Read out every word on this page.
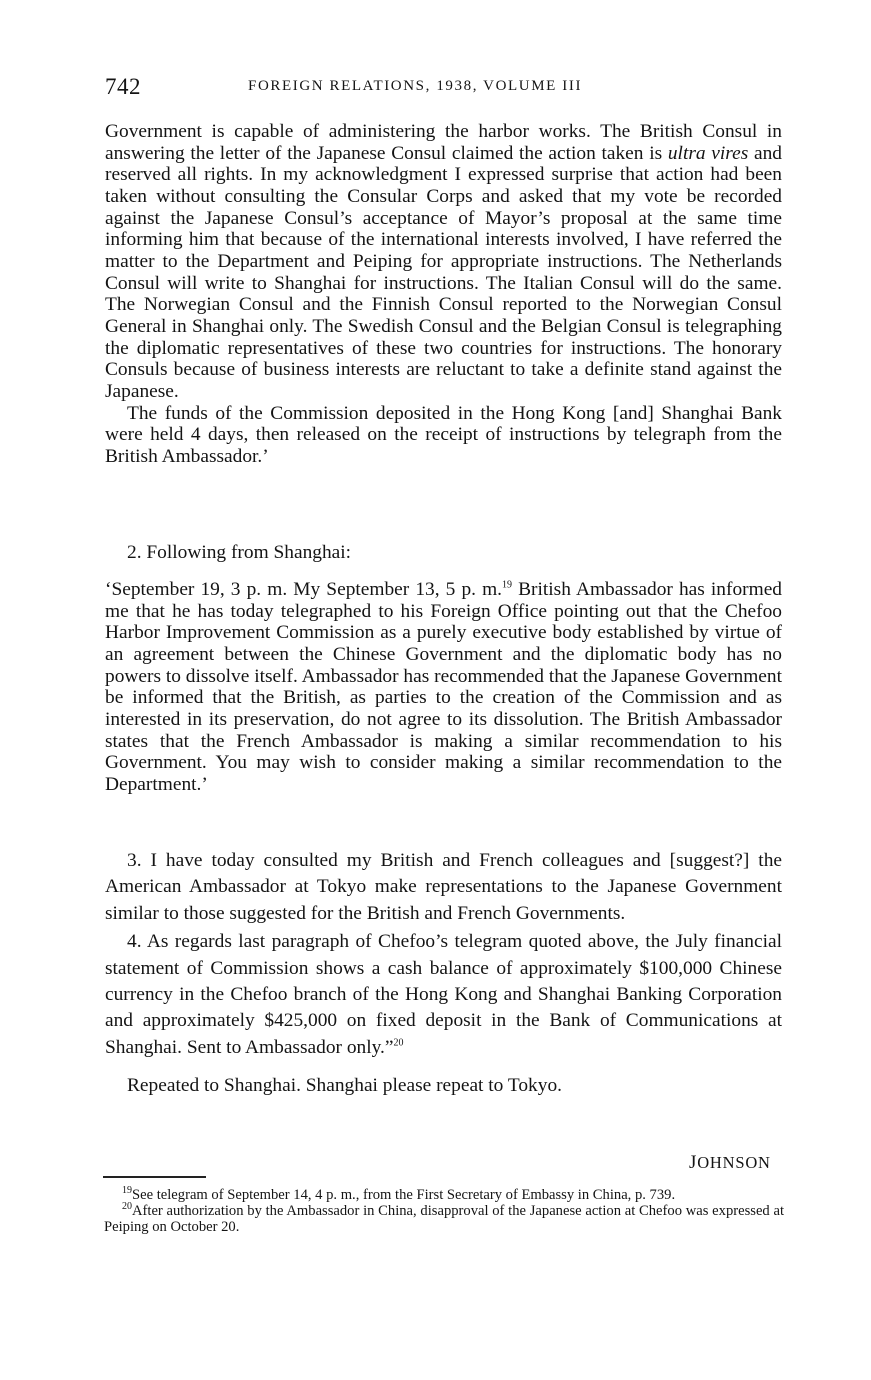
742	FOREIGN RELATIONS, 1938, VOLUME III

Government is capable of administering the harbor works. The British Consul in answering the letter of the Japanese Consul claimed the action taken is ultra vires and reserved all rights. In my acknowledgment I expressed surprise that action had been taken without consulting the Consular Corps and asked that my vote be recorded against the Japanese Consul’s acceptance of Mayor’s proposal at the same time informing him that because of the international interests involved, I have referred the matter to the Department and Peiping for appropriate instructions. The Netherlands Consul will write to Shanghai for instructions. The Italian Consul will do the same. The Norwegian Consul and the Finnish Consul reported to the Norwegian Consul General in Shanghai only. The Swedish Consul and the Belgian Consul is telegraphing the diplomatic representatives of these two countries for instructions. The honorary Consuls because of business interests are reluctant to take a definite stand against the Japanese.

The funds of the Commission deposited in the Hong Kong [and] Shanghai Bank were held 4 days, then released on the receipt of instructions by telegraph from the British Ambassador.’

2. Following from Shanghai:

‘September 19, 3 p. m. My September 13, 5 p. m.$^{19}$ British Ambassador has informed me that he has today telegraphed to his Foreign Office pointing out that the Chefoo Harbor Improvement Commission as a purely executive body established by virtue of an agreement between the Chinese Government and the diplomatic body has no powers to dissolve itself. Ambassador has recommended that the Japanese Government be informed that the British, as parties to the creation of the Commission and as interested in its preservation, do not agree to its dissolution. The British Ambassador states that the French Ambassador is making a similar recommendation to his Government. You may wish to consider making a similar recommendation to the Department.’

3. I have today consulted my British and French colleagues and [suggest?] the American Ambassador at Tokyo make representations to the Japanese Government similar to those suggested for the British and French Governments.

4. As regards last paragraph of Chefoo’s telegram quoted above, the July financial statement of Commission shows a cash balance of approximately $100,000 Chinese currency in the Chefoo branch of the Hong Kong and Shanghai Banking Corporation and approximately $425,000 on fixed deposit in the Bank of Communications at Shanghai. Sent to Ambassador only.”$^{20}$

Repeated to Shanghai. Shanghai please repeat to Tokyo.

JOHNSON

$^{19}$See telegram of September 14, 4 p. m., from the First Secretary of Embassy in China, p. 739.

$^{20}$After authorization by the Ambassador in China, disapproval of the Japanese action at Chefoo was expressed at Peiping on October 20.
